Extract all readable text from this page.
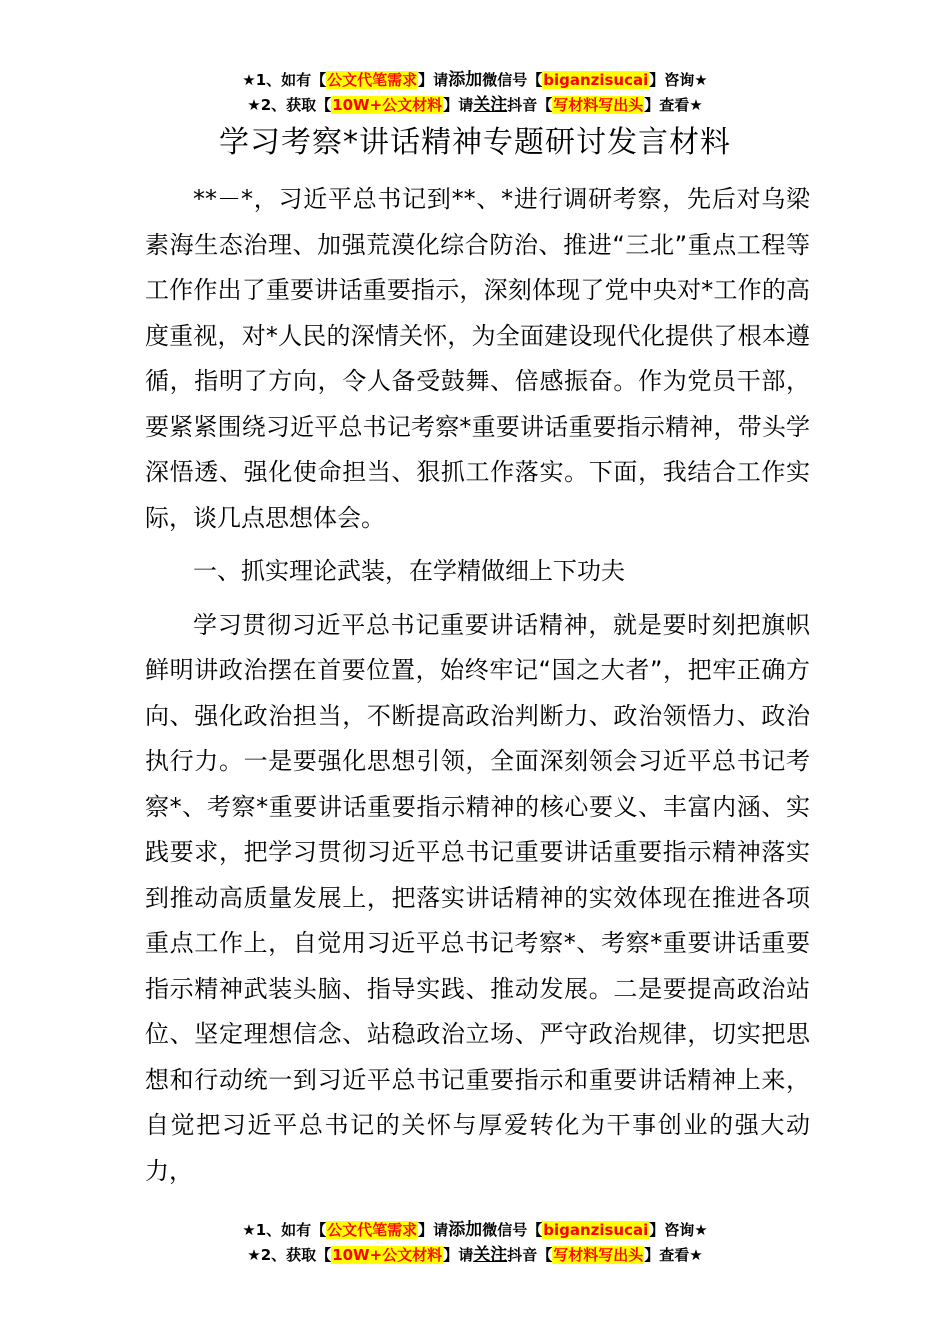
★1、如有【公文代笔需求】请添加微信号【biganzisucai】咨询★
★2、获取【10W+公文材料】请关注抖音【写材料写出头】查看★
学习考察*讲话精神专题研讨发言材料

**－*，习近平总书记到**、*进行调研考察，先后对乌梁素海生态治理、加强荒漠化综合防治、推进“三北”重点工程等工作作出了重要讲话重要指示，深刻体现了党中央对*工作的高度重视，对*人民的深情关怀，为全面建设现代化提供了根本遵循，指明了方向，令人备受鼓舞、倍感振奋。作为党员干部，要紧紧围绕习近平总书记考察*重要讲话重要指示精神，带头学深悟透、强化使命担当、狠抓工作落实。下面，我结合工作实际，谈几点思想体会。

一、抓实理论武装，在学精做细上下功夫

学习贯彻习近平总书记重要讲话精神，就是要时刻把旗帜鲜明讲政治摆在首要位置，始终牢记“国之大者”，把牢正确方向、强化政治担当，不断提高政治判断力、政治领悟力、政治执行力。一是要强化思想引领，全面深刻领会习近平总书记考察*、考察*重要讲话重要指示精神的核心要义、丰富内涵、实践要求，把学习贯彻习近平总书记重要讲话重要指示精神落实到推动高质量发展上，把落实讲话精神的实效体现在推进各项重点工作上，自觉用习近平总书记考察*、考察*重要讲话重要指示精神武装头脑、指导实践、推动发展。二是要提高政治站位、坚定理想信念、站稳政治立场、严守政治规律，切实把思想和行动统一到习近平总书记重要指示和重要讲话精神上来，自觉把习近平总书记的关怀与厚爱转化为干事创业的强大动力，

★1、如有【公文代笔需求】请添加微信号【biganzisucai】咨询★
★2、获取【10W+公文材料】请关注抖音【写材料写出头】查看★
